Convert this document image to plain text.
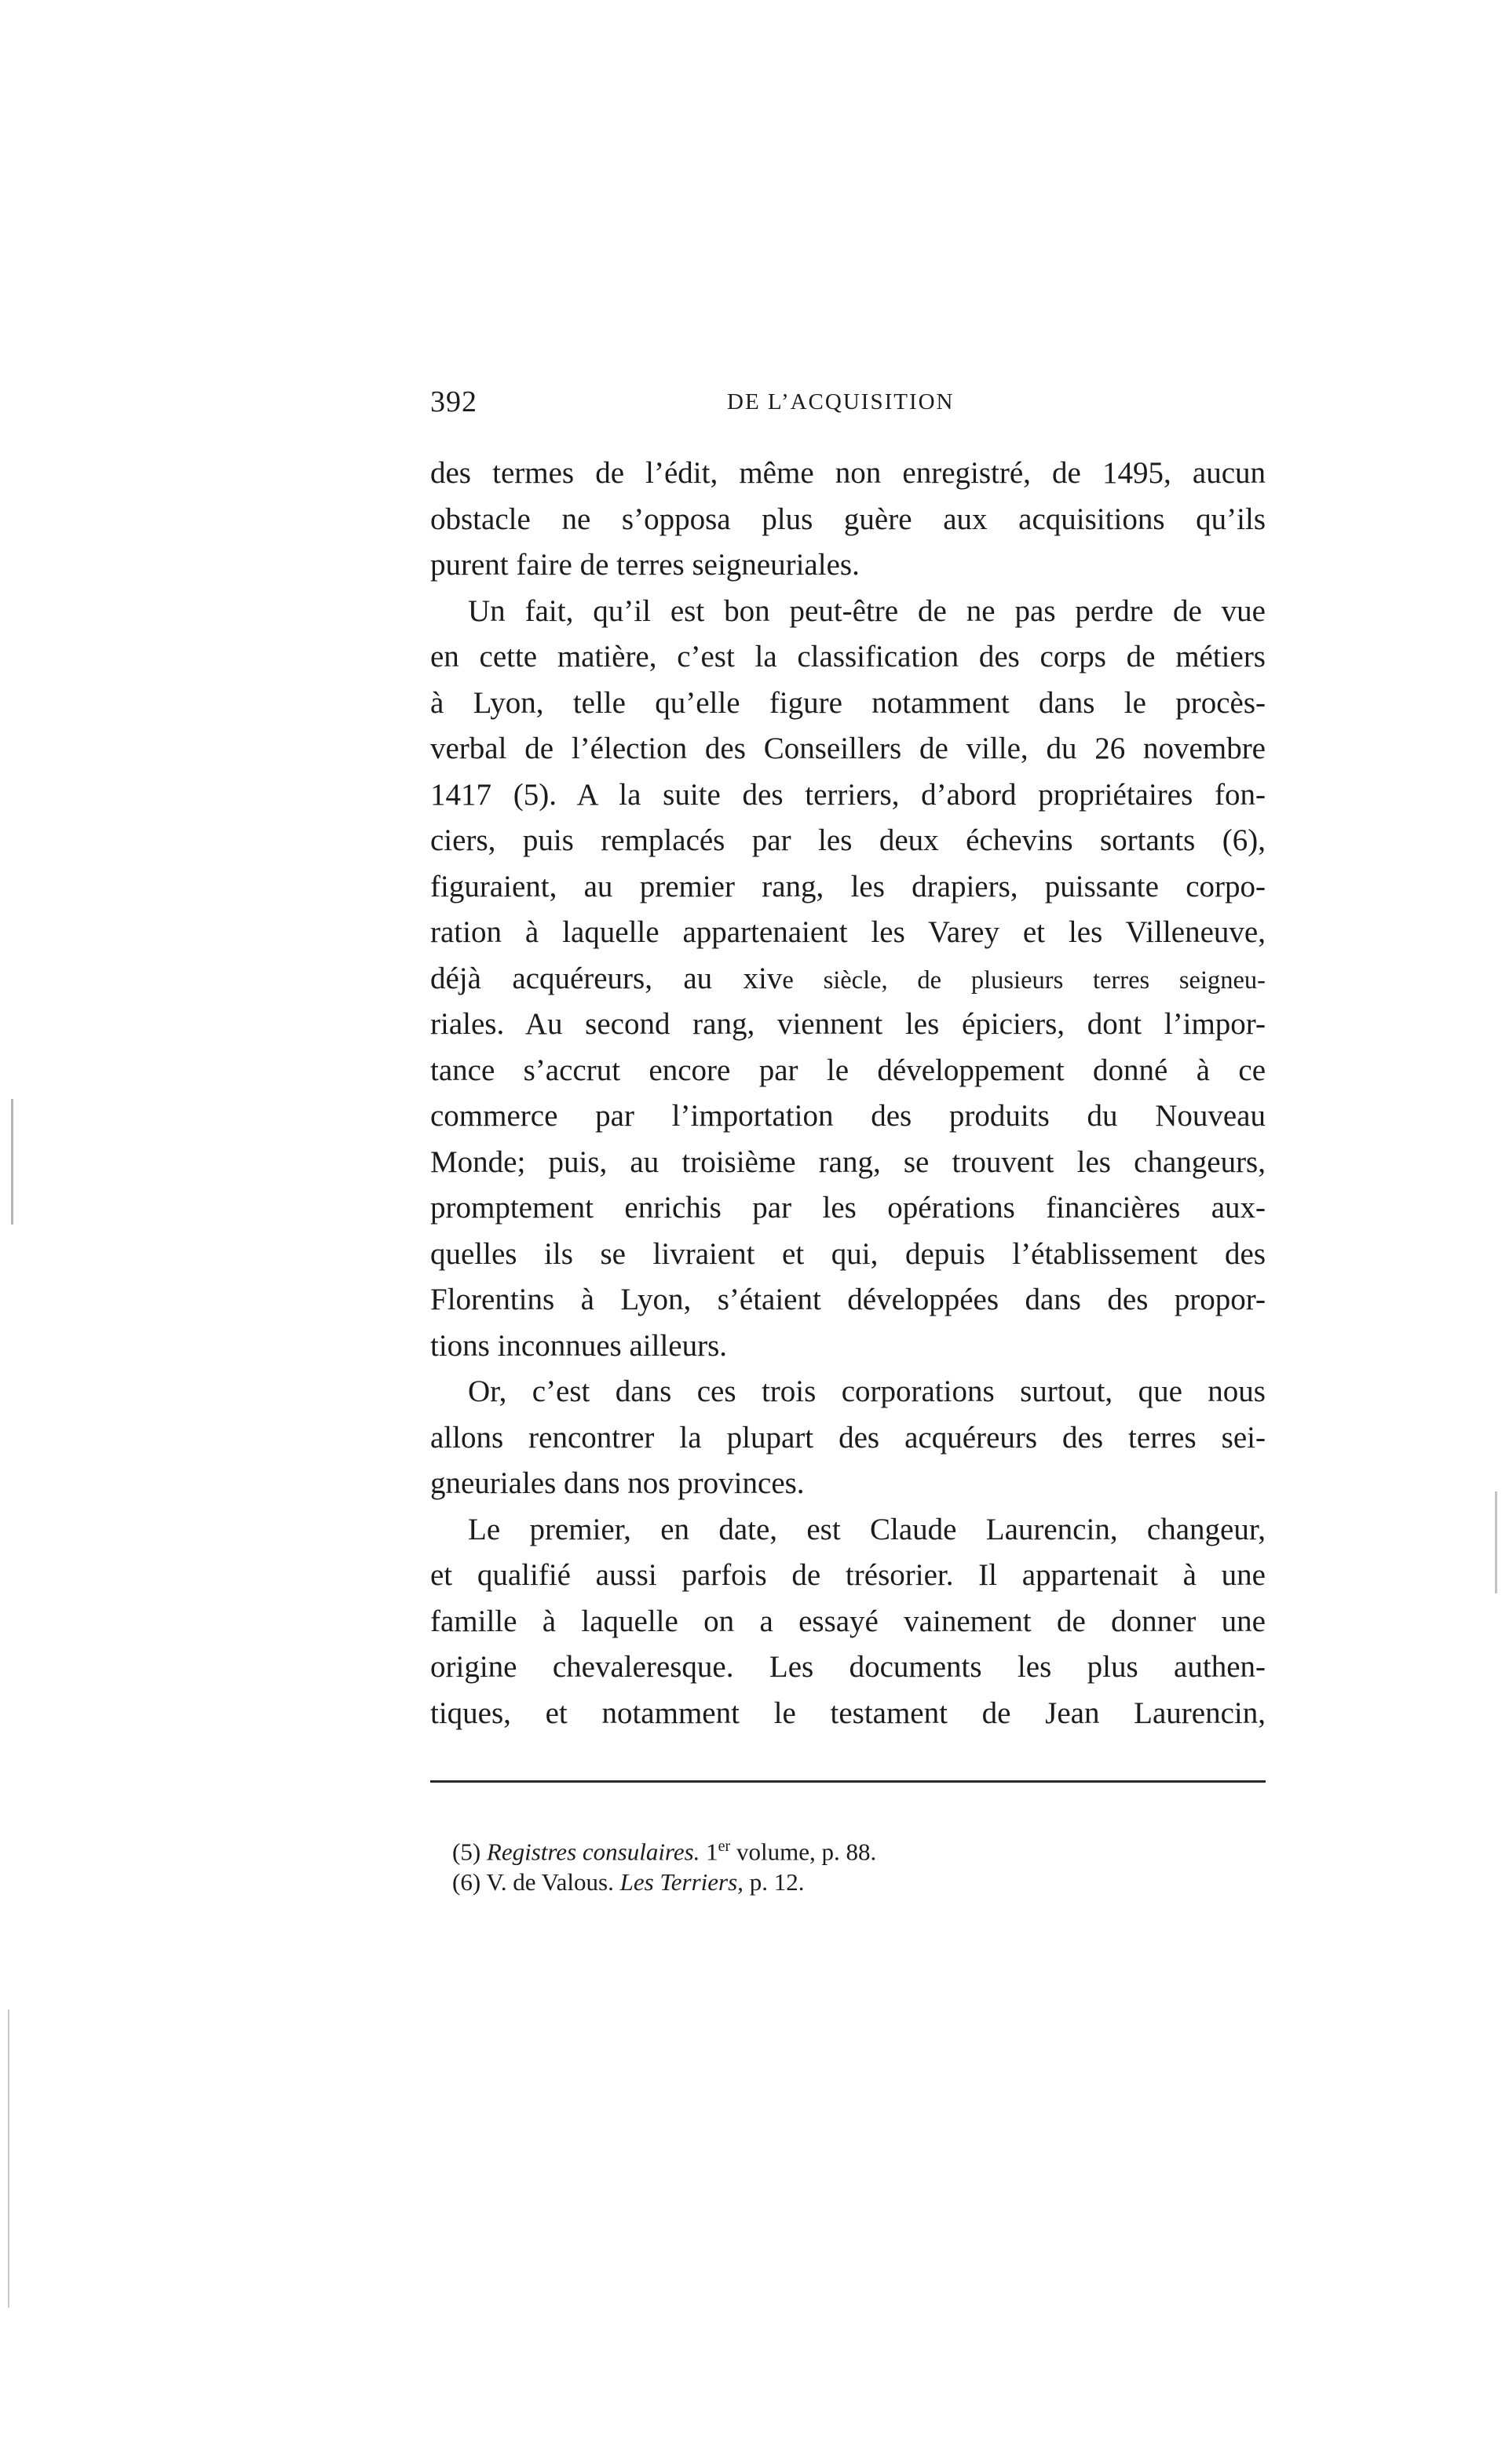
392	DE L’ACQUISITION
des termes de l’édit, même non enregistré, de 1495, aucun
obstacle ne s’opposa plus guère aux acquisitions qu’ils
purent faire de terres seigneuriales.
Un fait, qu’il est bon peut-être de ne pas perdre de vue
en cette matière, c’est la classification des corps de métiers
à Lyon, telle qu’elle figure notamment dans le procès-
verbal de l’élection des Conseillers de ville, du 26 novembre
1417 (5). A la suite des terriers, d’abord propriétaires fon-
ciers, puis remplacés par les deux échevins sortants (6),
figuraient, au premier rang, les drapiers, puissante corpo-
ration à laquelle appartenaient les Varey et les Villeneuve,
déjà acquéreurs, au xive siècle, de plusieurs terres seigneu-
riales. Au second rang, viennent les épiciers, dont l’impor-
tance s’accrut encore par le développement donné à ce
commerce par l’importation des produits du Nouveau
Monde; puis, au troisième rang, se trouvent les changeurs,
promptement enrichis par les opérations financières aux-
quelles ils se livraient et qui, depuis l’établissement des
Florentins à Lyon, s’étaient développées dans des propor-
tions inconnues ailleurs.
Or, c’est dans ces trois corporations surtout, que nous
allons rencontrer la plupart des acquéreurs des terres sei-
gneuriales dans nos provinces.
Le premier, en date, est Claude Laurencin, changeur,
et qualifié aussi parfois de trésorier. Il appartenait à une
famille à laquelle on a essayé vainement de donner une
origine chevaleresque. Les documents les plus authen-
tiques, et notamment le testament de Jean Laurencin,
(5) Registres consulaires. 1er volume, p. 88.
(6) V. de Valous. Les Terriers, p. 12.
